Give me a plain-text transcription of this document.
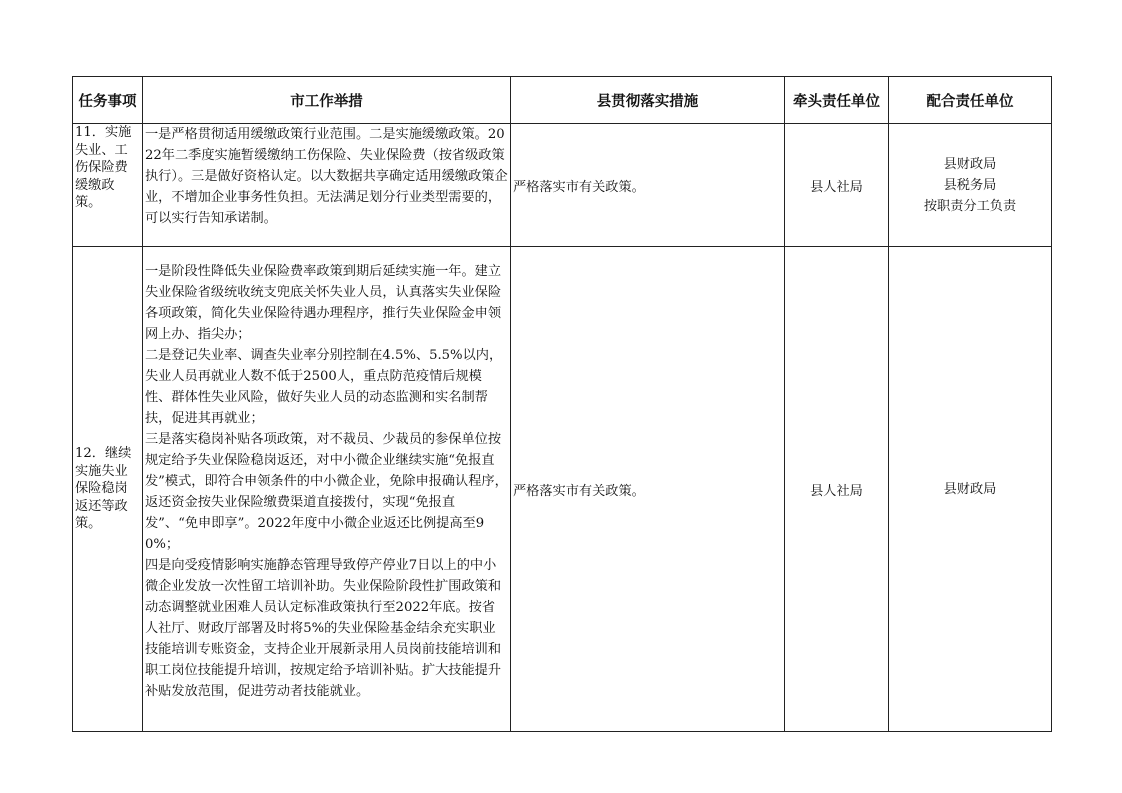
任务事项	市工作举措	县贯彻落实措施	牵头责任单位	配合责任单位
11．实施失业、工伤保险费缓缴政策。	一是严格贯彻适用缓缴政策行业范围。二是实施缓缴政策。2022年二季度实施暂缓缴纳工伤保险、失业保险费（按省级政策执行）。三是做好资格认定。以大数据共享确定适用缓缴政策企业，不增加企业事务性负担。无法满足划分行业类型需要的，可以实行告知承诺制。	严格落实市有关政策。	县人社局	县财政局
县税务局
按职责分工负责

12．继续实施失业保险稳岗返还等政策。	一是阶段性降低失业保险费率政策到期后延续实施一年。建立失业保险省级统收统支兜底关怀失业人员，认真落实失业保险各项政策，简化失业保险待遇办理程序，推行失业保险金申领网上办、指尖办；

二是登记失业率、调查失业率分别控制在4.5%、5.5%以内，失业人员再就业人数不低于2500人，重点防范疫情后规模性、群体性失业风险，做好失业人员的动态监测和实名制帮扶，促进其再就业；

三是落实稳岗补贴各项政策，对不裁员、少裁员的参保单位按规定给予失业保险稳岗返还，对中小微企业继续实施“免报直发”模式，即符合申领条件的中小微企业，免除申报确认程序，返还资金按失业保险缴费渠道直接拨付，实现“免报直发”、“免申即享”。2022年度中小微企业返还比例提高至90%；

四是向受疫情影响实施静态管理导致停产停业7日以上的中小微企业发放一次性留工培训补助。失业保险阶段性扩围政策和动态调整就业困难人员认定标准政策执行至2022年底。按省人社厅、财政厅部署及时将5%的失业保险基金结余充实职业技能培训专账资金，支持企业开展新录用人员岗前技能培训和职工岗位技能提升培训，按规定给予培训补贴。扩大技能提升补贴发放范围，促进劳动者技能就业。	严格落实市有关政策。	县人社局	县财政局
